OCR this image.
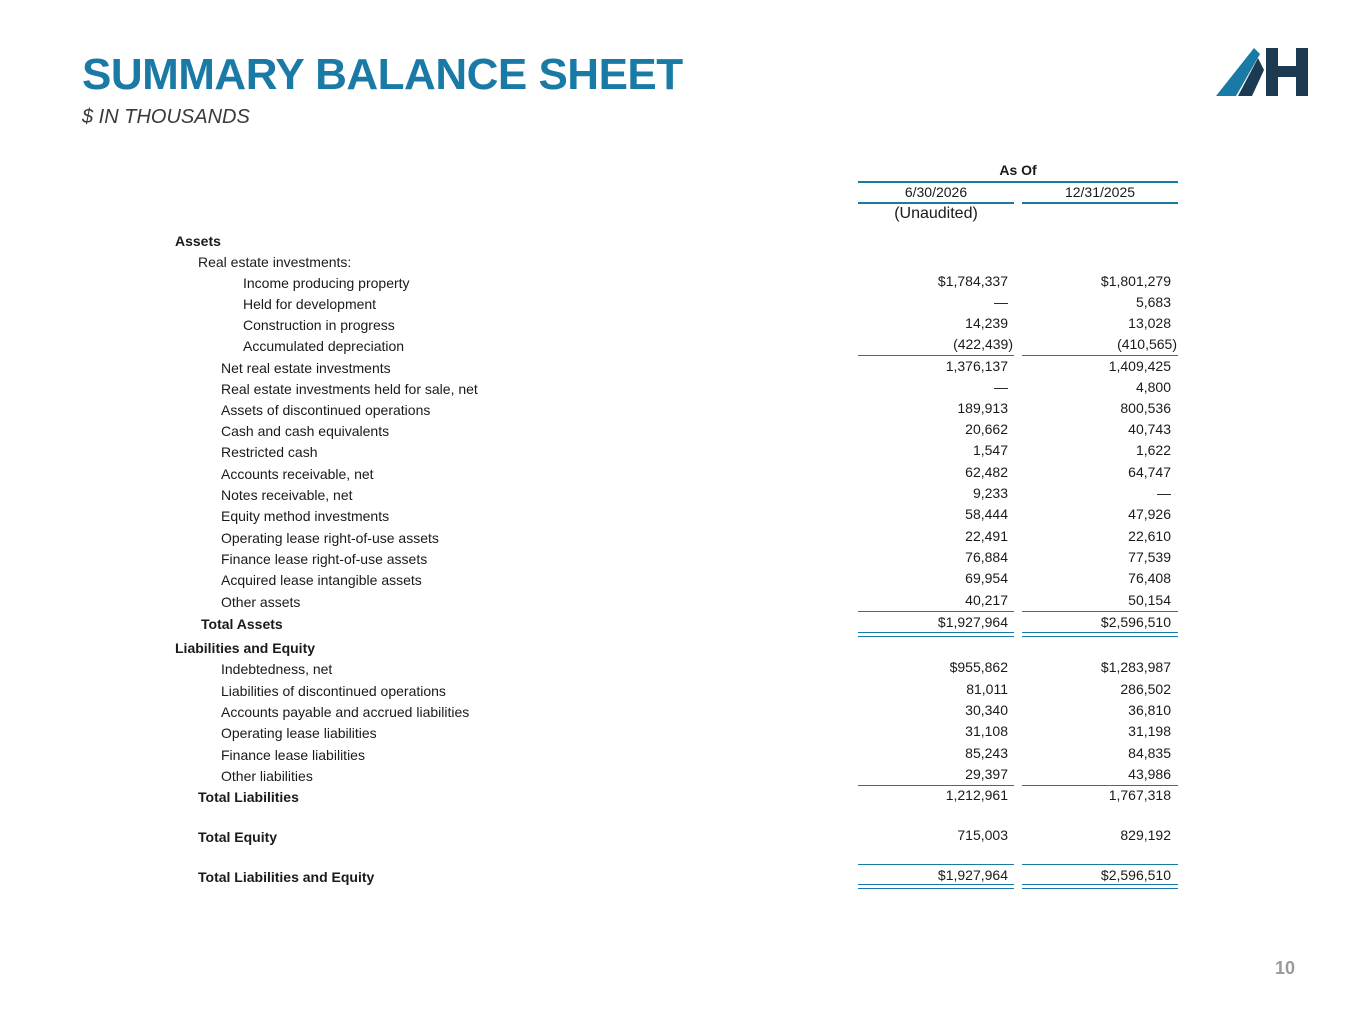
SUMMARY BALANCE SHEET
$ IN THOUSANDS
As Of
6/30/2026	12/31/2025
(Unaudited)
Assets
Real estate investments:
Income producing property	$1,784,337	$1,801,279
Held for development	—	5,683
Construction in progress	14,239	13,028
Accumulated depreciation	(422,439)	(410,565)
Net real estate investments	1,376,137	1,409,425
Real estate investments held for sale, net	—	4,800
Assets of discontinued operations	189,913	800,536
Cash and cash equivalents	20,662	40,743
Restricted cash	1,547	1,622
Accounts receivable, net	62,482	64,747
Notes receivable, net	9,233	—
Equity method investments	58,444	47,926
Operating lease right-of-use assets	22,491	22,610
Finance lease right-of-use assets	76,884	77,539
Acquired lease intangible assets	69,954	76,408
Other assets	40,217	50,154
Total Assets	$1,927,964	$2,596,510
Liabilities and Equity
Indebtedness, net	$955,862	$1,283,987
Liabilities of discontinued operations	81,011	286,502
Accounts payable and accrued liabilities	30,340	36,810
Operating lease liabilities	31,108	31,198
Finance lease liabilities	85,243	84,835
Other liabilities	29,397	43,986
Total Liabilities	1,212,961	1,767,318
Total Equity	715,003	829,192
Total Liabilities and Equity	$1,927,964	$2,596,510
10
